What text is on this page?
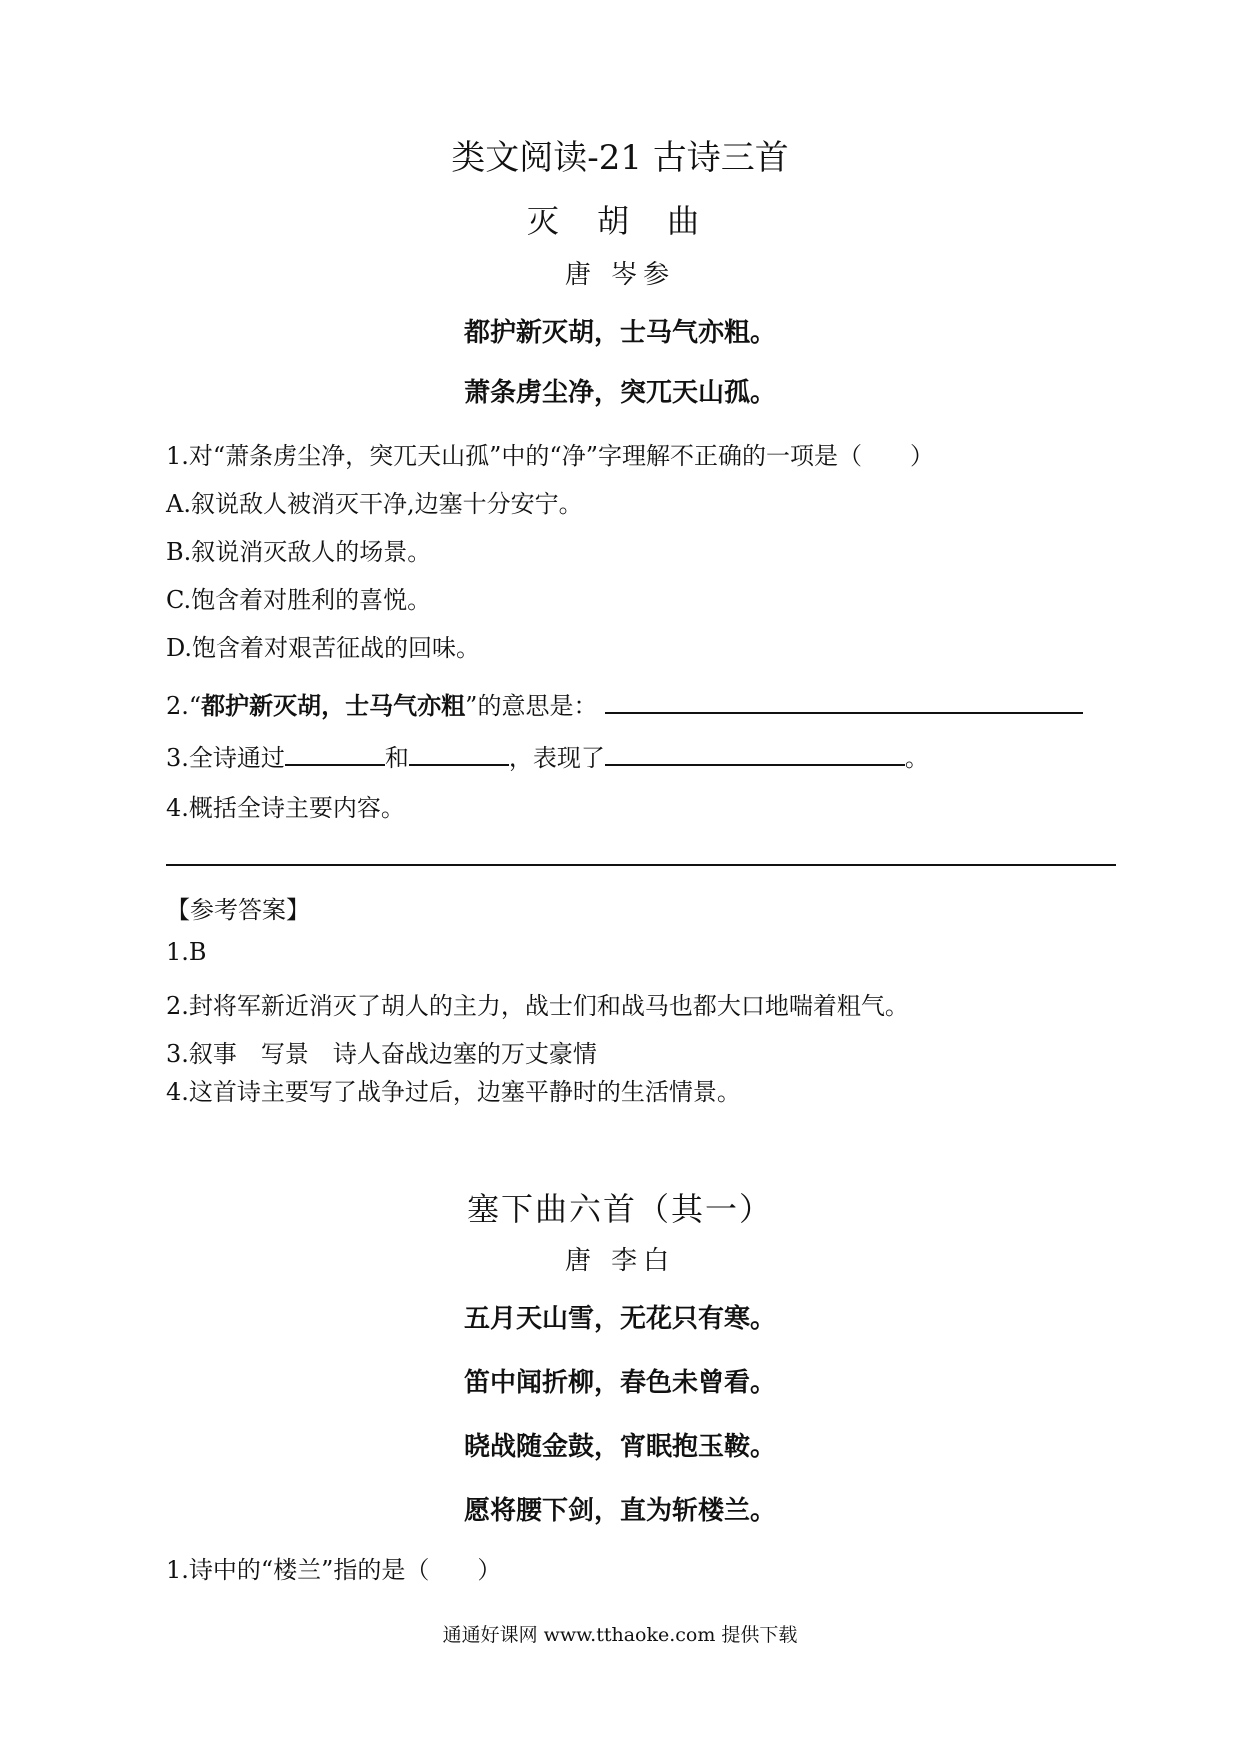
类文阅读-21 古诗三首
灭 胡 曲
唐 岑参
都护新灭胡，士马气亦粗。
萧条虏尘净，突兀天山孤。
1.对“萧条虏尘净，突兀天山孤”中的“净”字理解不正确的一项是（　　）
A.叙说敌人被消灭干净,边塞十分安宁。
B.叙说消灭敌人的场景。
C.饱含着对胜利的喜悦。
D.饱含着对艰苦征战的回味。
2.“都护新灭胡，士马气亦粗”的意思是：
3.全诗通过	和	，表现了	。
4.概括全诗主要内容。
【参考答案】
1.B
2.封将军新近消灭了胡人的主力，战士们和战马也都大口地喘着粗气。
3.叙事　写景　诗人奋战边塞的万丈豪情
4.这首诗主要写了战争过后，边塞平静时的生活情景。
塞下曲六首（其一）
唐 李白
五月天山雪，无花只有寒。
笛中闻折柳，春色未曾看。
晓战随金鼓，宵眠抱玉鞍。
愿将腰下剑，直为斩楼兰。
1.诗中的“楼兰”指的是（　　）
通通好课网 www.tthaoke.com 提供下载
